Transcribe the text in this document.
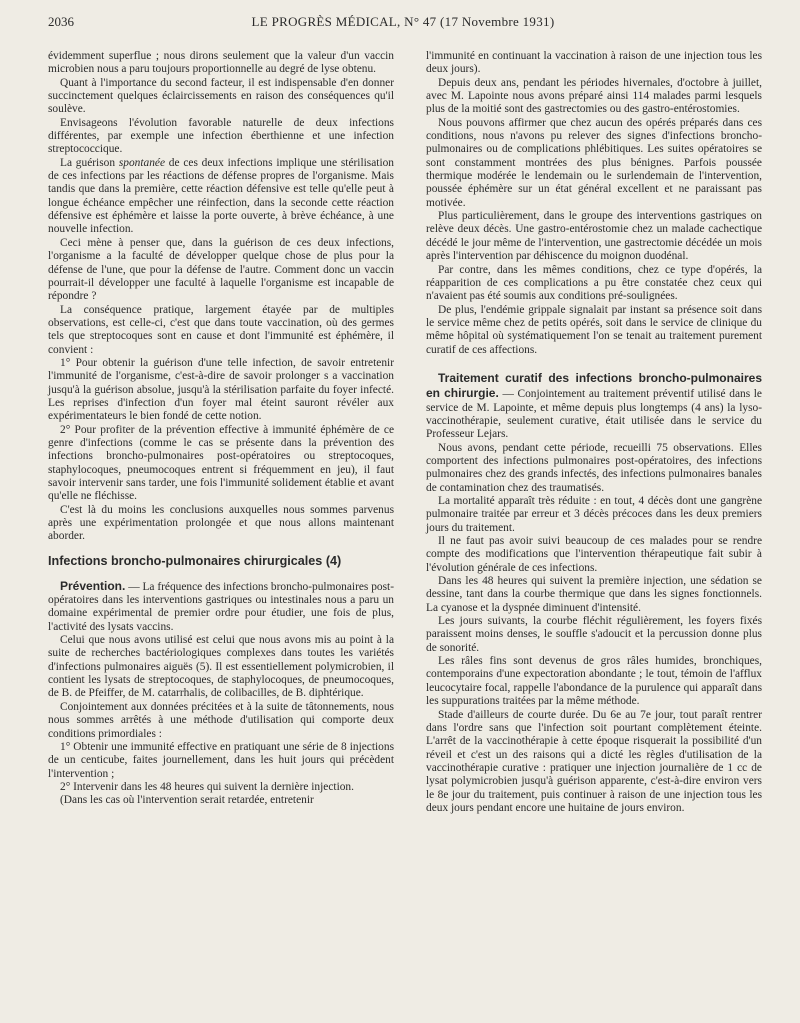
2036	LE PROGRÈS MÉDICAL, N° 47 (17 Novembre 1931)

évidemment superflue ; nous dirons seulement que la valeur d'un vaccin microbien nous a paru toujours proportionnelle au degré de lyse obtenu.

Quant à l'importance du second facteur, il est indispensable d'en donner succinctement quelques éclaircissements en raison des conséquences qu'il soulève.

Envisageons l'évolution favorable naturelle de deux infections différentes, par exemple une infection éberthienne et une infection streptococcique.

La guérison spontanée de ces deux infections implique une stérilisation de ces infections par les réactions de défense propres de l'organisme. Mais tandis que dans la première, cette réaction défensive est telle qu'elle peut à longue échéance empêcher une réinfection, dans la seconde cette réaction défensive est éphémère et laisse la porte ouverte, à brève échéance, à une nouvelle infection.

Ceci mène à penser que, dans la guérison de ces deux infections, l'organisme a la faculté de développer quelque chose de plus pour la défense de l'une, que pour la défense de l'autre. Comment donc un vaccin pourrait-il développer une faculté à laquelle l'organisme est incapable de répondre ?

La conséquence pratique, largement étayée par de multiples observations, est celle-ci, c'est que dans toute vaccination, où des germes tels que streptocoques sont en cause et dont l'immunité est éphémère, il convient :

1° Pour obtenir la guérison d'une telle infection, de savoir entretenir l'immunité de l'organisme, c'est-à-dire de savoir prolonger s a vaccination jusqu'à la guérison absolue, jusqu'à la stérilisation parfaite du foyer infecté. Les reprises d'infection d'un foyer mal éteint sauront révéler aux expérimentateurs le bien fondé de cette notion.

2° Pour profiter de la prévention effective à immunité éphémère de ce genre d'infections (comme le cas se présente dans la prévention des infections broncho-pulmonaires post-opératoires ou streptocoques, staphylocoques, pneumocoques entrent si fréquemment en jeu), il faut savoir intervenir sans tarder, une fois l'immunité solidement établie et avant qu'elle ne fléchisse.

C'est là du moins les conclusions auxquelles nous sommes parvenus après une expérimentation prolongée et que nous allons maintenant aborder.

Infections broncho-pulmonaires chirurgicales (4)

Prévention. — La fréquence des infections broncho-pulmonaires post-opératoires dans les interventions gastriques ou intestinales nous a paru un domaine expérimental de premier ordre pour étudier, une fois de plus, l'activité des lysats vaccins.

Celui que nous avons utilisé est celui que nous avons mis au point à la suite de recherches bactériologiques complexes dans toutes les variétés d'infections pulmonaires aiguës (5). Il est essentiellement polymicrobien, il contient les lysats de streptocoques, de staphylocoques, de pneumocoques, de B. de Pfeiffer, de M. catarrhalis, de colibacilles, de B. diphtérique.

Conjointement aux données précitées et à la suite de tâtonnements, nous nous sommes arrêtés à une méthode d'utilisation qui comporte deux conditions primordiales :

1° Obtenir une immunité effective en pratiquant une série de 8 injections de un centicube, faites journellement, dans les huit jours qui précèdent l'intervention ;

2° Intervenir dans les 48 heures qui suivent la dernière injection.

(Dans les cas où l'intervention serait retardée, entretenir

l'immunité en continuant la vaccination à raison de une injection tous les deux jours).

Depuis deux ans, pendant les périodes hivernales, d'octobre à juillet, avec M. Lapointe nous avons préparé ainsi 114 malades parmi lesquels plus de la moitié sont des gastrectomies ou des gastro-entérostomies.

Nous pouvons affirmer que chez aucun des opérés préparés dans ces conditions, nous n'avons pu relever des signes d'infections broncho-pulmonaires ou de complications phlébitiques. Les suites opératoires se sont constamment montrées des plus bénignes. Parfois poussée thermique modérée le lendemain ou le surlendemain de l'intervention, poussée éphémère sur un état général excellent et ne paraissant pas motivée.

Plus particulièrement, dans le groupe des interventions gastriques on relève deux décès. Une gastro-entérostomie chez un malade cachectique décédé le jour même de l'intervention, une gastrectomie décédée un mois après l'intervention par déhiscence du moignon duodénal.

Par contre, dans les mêmes conditions, chez ce type d'opérés, la réapparition de ces complications a pu être constatée chez ceux qui n'avaient pas été soumis aux conditions pré-soulignées.

De plus, l'endémie grippale signalait par instant sa présence soit dans le service même chez de petits opérés, soit dans le service de clinique du même hôpital où systématiquement l'on se tenait au traitement purement curatif de ces affections.

Traitement curatif des infections broncho-pulmonaires en chirurgie. — Conjointement au traitement préventif utilisé dans le service de M. Lapointe, et même depuis plus longtemps (4 ans) la lyso-vaccinothérapie, seulement curative, était utilisée dans le service du Professeur Lejars.

Nous avons, pendant cette période, recueilli 75 observations. Elles comportent des infections pulmonaires post-opératoires, des infections pulmonaires chez des grands infectés, des infections pulmonaires banales de contamination chez des traumatisés.

La mortalité apparaît très réduite : en tout, 4 décès dont une gangrène pulmonaire traitée par erreur et 3 décès précoces dans les deux premiers jours du traitement.

Il ne faut pas avoir suivi beaucoup de ces malades pour se rendre compte des modifications que l'intervention thérapeutique fait subir à l'évolution générale de ces infections.

Dans les 48 heures qui suivent la première injection, une sédation se dessine, tant dans la courbe thermique que dans les signes fonctionnels. La cyanose et la dyspnée diminuent d'intensité.

Les jours suivants, la courbe fléchit régulièrement, les foyers fixés paraissent moins denses, le souffle s'adoucit et la percussion donne plus de sonorité.

Les râles fins sont devenus de gros râles humides, bronchiques, contemporains d'une expectoration abondante ; le tout, témoin de l'afflux leucocytaire focal, rappelle l'abondance de la purulence qui apparaît dans les suppurations traitées par la même méthode.

Stade d'ailleurs de courte durée. Du 6e au 7e jour, tout paraît rentrer dans l'ordre sans que l'infection soit pourtant complètement éteinte. L'arrêt de la vaccinothérapie à cette époque risquerait la possibilité d'un réveil et c'est un des raisons qui a dicté les règles d'utilisation de la vaccinothérapie curative : pratiquer une injection journalière de 1 cc de lysat polymicrobien jusqu'à guérison apparente, c'est-à-dire environ vers le 8e jour du traitement, puis continuer à raison de une injection tous les deux jours pendant encore une huitaine de jours environ.
